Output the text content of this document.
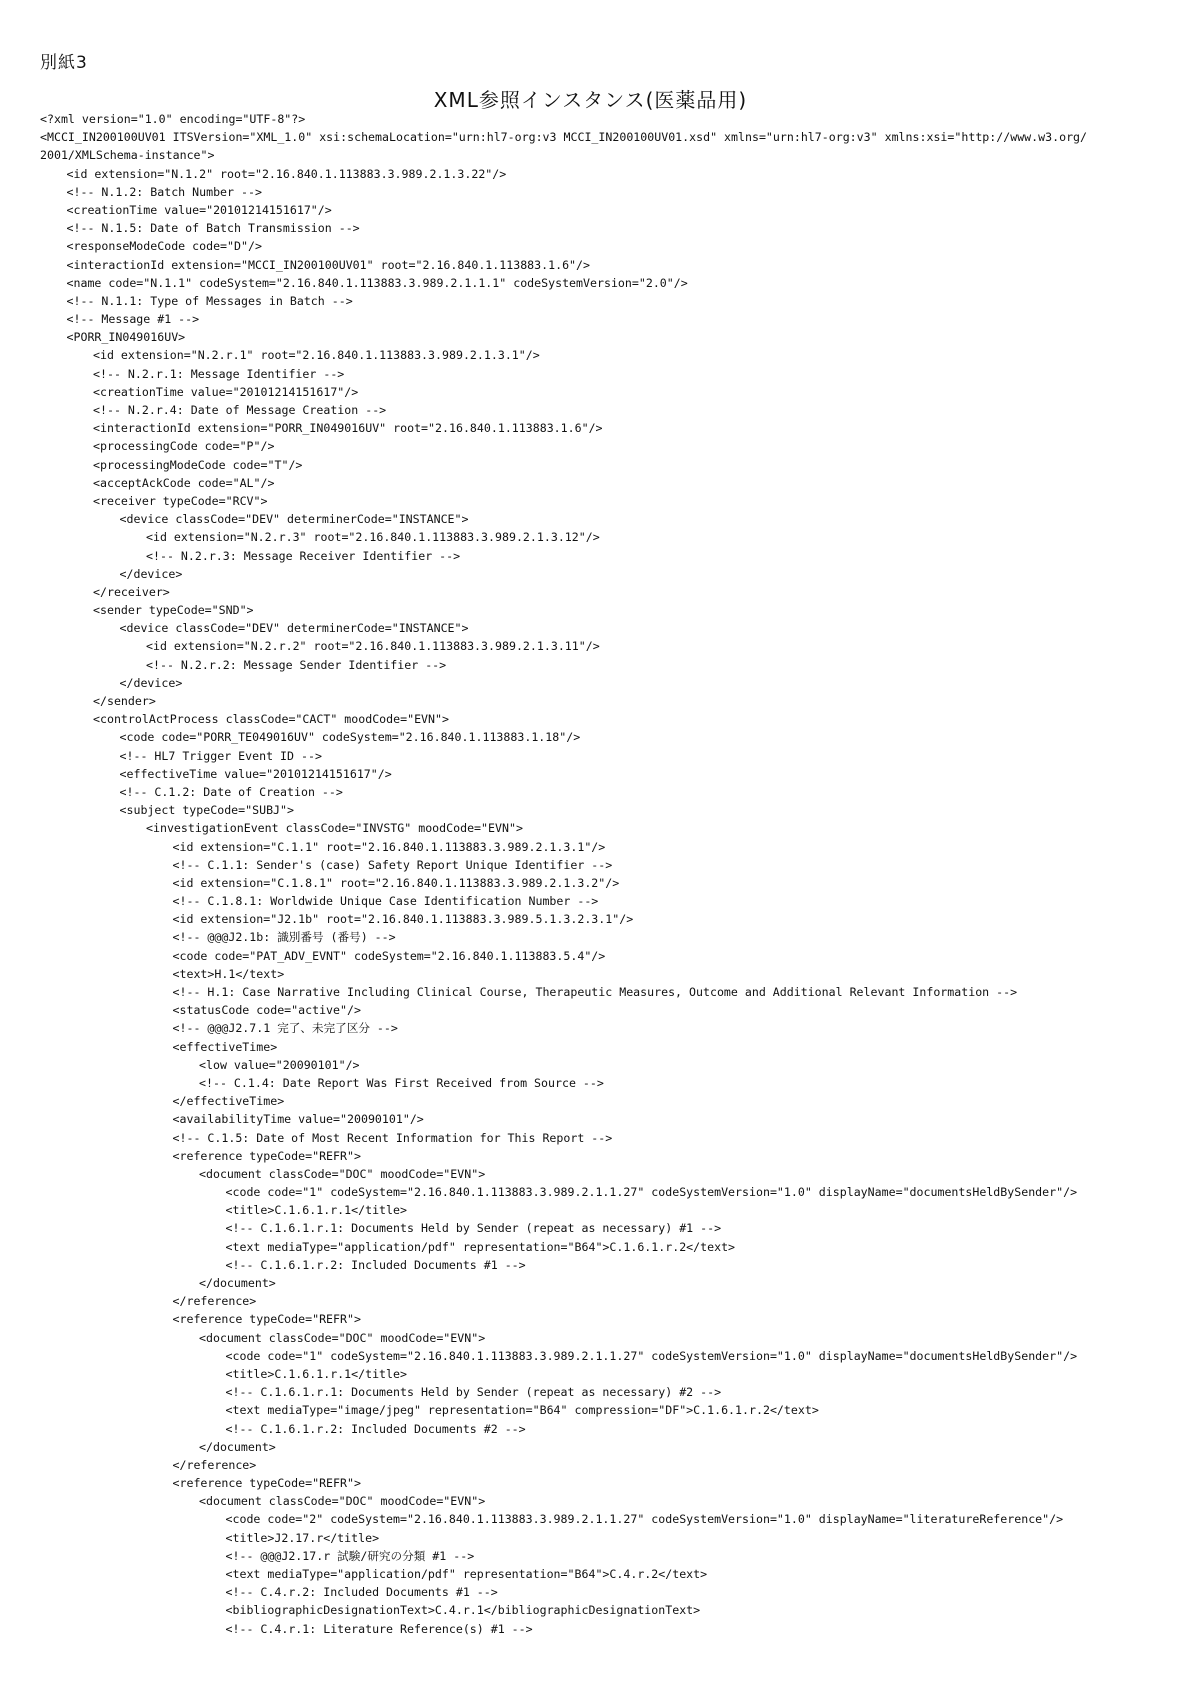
別紙3
XML参照インスタンス(医薬品用)
<?xml version="1.0" encoding="UTF-8"?>
<MCCI_IN200100UV01 ITSVersion="XML_1.0" xsi:schemaLocation="urn:hl7-org:v3 MCCI_IN200100UV01.xsd" xmlns="urn:hl7-org:v3" xmlns:xsi="http://www.w3.org/
2001/XMLSchema-instance">
<id extension="N.1.2" root="2.16.840.1.113883.3.989.2.1.3.22"/>
<!-- N.1.2: Batch Number -->
<creationTime value="20101214151617"/>
<!-- N.1.5: Date of Batch Transmission -->
<responseModeCode code="D"/>
<interactionId extension="MCCI_IN200100UV01" root="2.16.840.1.113883.1.6"/>
<name code="N.1.1" codeSystem="2.16.840.1.113883.3.989.2.1.1.1" codeSystemVersion="2.0"/>
<!-- N.1.1: Type of Messages in Batch -->
<!-- Message #1 -->
<PORR_IN049016UV>
<id extension="N.2.r.1" root="2.16.840.1.113883.3.989.2.1.3.1"/>
<!-- N.2.r.1: Message Identifier -->
<creationTime value="20101214151617"/>
<!-- N.2.r.4: Date of Message Creation -->
<interactionId extension="PORR_IN049016UV" root="2.16.840.1.113883.1.6"/>
<processingCode code="P"/>
<processingModeCode code="T"/>
<acceptAckCode code="AL"/>
<receiver typeCode="RCV">
<device classCode="DEV" determinerCode="INSTANCE">
<id extension="N.2.r.3" root="2.16.840.1.113883.3.989.2.1.3.12"/>
<!-- N.2.r.3: Message Receiver Identifier -->
</device>
</receiver>
<sender typeCode="SND">
<device classCode="DEV" determinerCode="INSTANCE">
<id extension="N.2.r.2" root="2.16.840.1.113883.3.989.2.1.3.11"/>
<!-- N.2.r.2: Message Sender Identifier -->
</device>
</sender>
<controlActProcess classCode="CACT" moodCode="EVN">
<code code="PORR_TE049016UV" codeSystem="2.16.840.1.113883.1.18"/>
<!-- HL7 Trigger Event ID -->
<effectiveTime value="20101214151617"/>
<!-- C.1.2: Date of Creation -->
<subject typeCode="SUBJ">
<investigationEvent classCode="INVSTG" moodCode="EVN">
<id extension="C.1.1" root="2.16.840.1.113883.3.989.2.1.3.1"/>
<!-- C.1.1: Sender's (case) Safety Report Unique Identifier -->
<id extension="C.1.8.1" root="2.16.840.1.113883.3.989.2.1.3.2"/>
<!-- C.1.8.1: Worldwide Unique Case Identification Number -->
<id extension="J2.1b" root="2.16.840.1.113883.3.989.5.1.3.2.3.1"/>
<!-- @@@J2.1b: 識別番号 (番号) -->
<code code="PAT_ADV_EVNT" codeSystem="2.16.840.1.113883.5.4"/>
<text>H.1</text>
<!-- H.1: Case Narrative Including Clinical Course, Therapeutic Measures, Outcome and Additional Relevant Information -->
<statusCode code="active"/>
<!-- @@@J2.7.1 完了、未完了区分 -->
<effectiveTime>
<low value="20090101"/>
<!-- C.1.4: Date Report Was First Received from Source -->
</effectiveTime>
<availabilityTime value="20090101"/>
<!-- C.1.5: Date of Most Recent Information for This Report -->
<reference typeCode="REFR">
<document classCode="DOC" moodCode="EVN">
<code code="1" codeSystem="2.16.840.1.113883.3.989.2.1.1.27" codeSystemVersion="1.0" displayName="documentsHeldBySender"/>
<title>C.1.6.1.r.1</title>
<!-- C.1.6.1.r.1: Documents Held by Sender (repeat as necessary) #1 -->
<text mediaType="application/pdf" representation="B64">C.1.6.1.r.2</text>
<!-- C.1.6.1.r.2: Included Documents #1 -->
</document>
</reference>
<reference typeCode="REFR">
<document classCode="DOC" moodCode="EVN">
<code code="1" codeSystem="2.16.840.1.113883.3.989.2.1.1.27" codeSystemVersion="1.0" displayName="documentsHeldBySender"/>
<title>C.1.6.1.r.1</title>
<!-- C.1.6.1.r.1: Documents Held by Sender (repeat as necessary) #2 -->
<text mediaType="image/jpeg" representation="B64" compression="DF">C.1.6.1.r.2</text>
<!-- C.1.6.1.r.2: Included Documents #2 -->
</document>
</reference>
<reference typeCode="REFR">
<document classCode="DOC" moodCode="EVN">
<code code="2" codeSystem="2.16.840.1.113883.3.989.2.1.1.27" codeSystemVersion="1.0" displayName="literatureReference"/>
<title>J2.17.r</title>
<!-- @@@J2.17.r 試験/研究の分類 #1 -->
<text mediaType="application/pdf" representation="B64">C.4.r.2</text>
<!-- C.4.r.2: Included Documents #1 -->
<bibliographicDesignationText>C.4.r.1</bibliographicDesignationText>
<!-- C.4.r.1: Literature Reference(s) #1 -->
